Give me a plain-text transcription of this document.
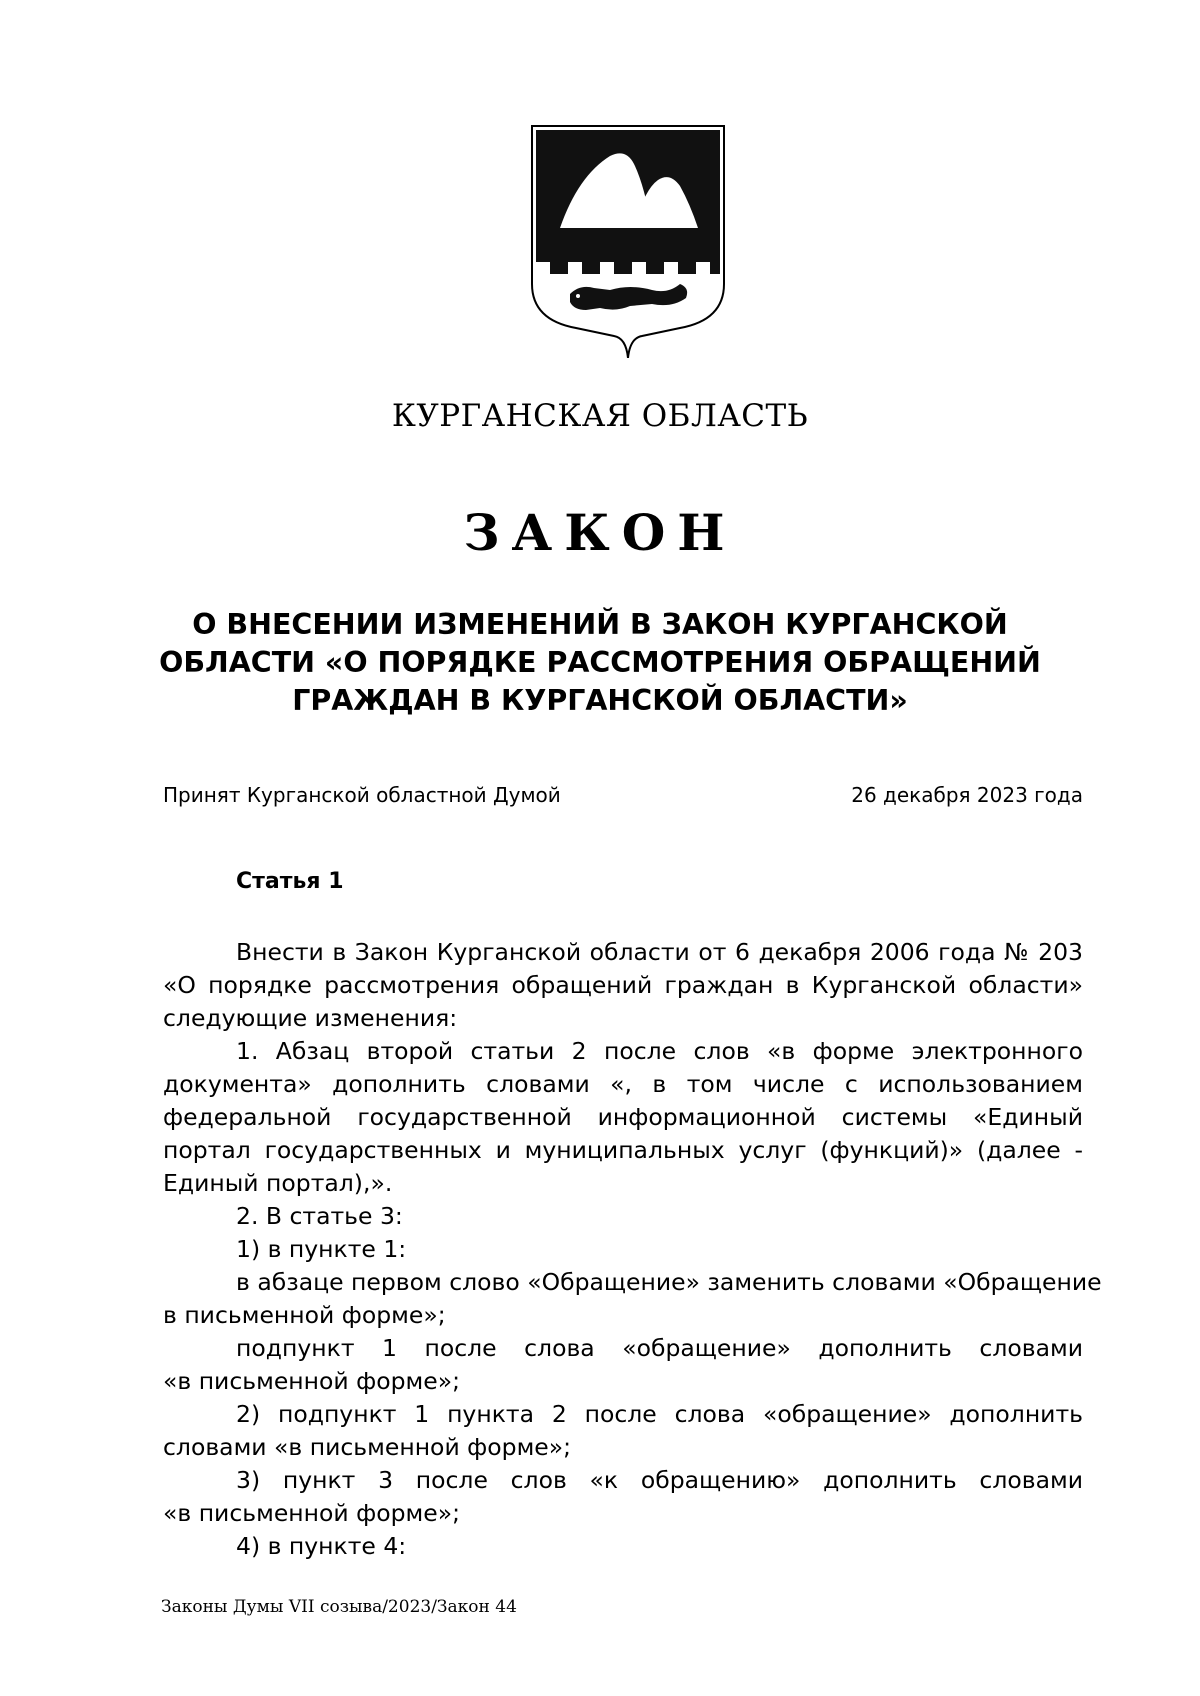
КУРГАНСКАЯ ОБЛАСТЬ
ЗАКОН
О ВНЕСЕНИИ ИЗМЕНЕНИЙ В ЗАКОН КУРГАНСКОЙ
ОБЛАСТИ «О ПОРЯДКЕ РАССМОТРЕНИЯ ОБРАЩЕНИЙ
ГРАЖДАН В КУРГАНСКОЙ ОБЛАСТИ»
Принят Курганской областной Думой	26 декабря 2023 года
Статья 1
Внести в Закон Курганской области от 6 декабря 2006 года № 203
«О порядке рассмотрения обращений граждан в Курганской области»
следующие изменения:
1. Абзац второй статьи 2 после слов «в форме электронного
документа» дополнить словами «, в том числе с использованием
федеральной государственной информационной системы «Единый
портал государственных и муниципальных услуг (функций)» (далее -
Единый портал),».
2. В статье 3:
1) в пункте 1:
в абзаце первом слово «Обращение» заменить словами «Обращение
в письменной форме»;
подпункт 1 после слова «обращение» дополнить словами
«в письменной форме»;
2) подпункт 1 пункта 2 после слова «обращение» дополнить
словами «в письменной форме»;
3) пункт 3 после слов «к обращению» дополнить словами
«в письменной форме»;
4) в пункте 4:
Законы Думы VII созыва/2023/Закон 44
